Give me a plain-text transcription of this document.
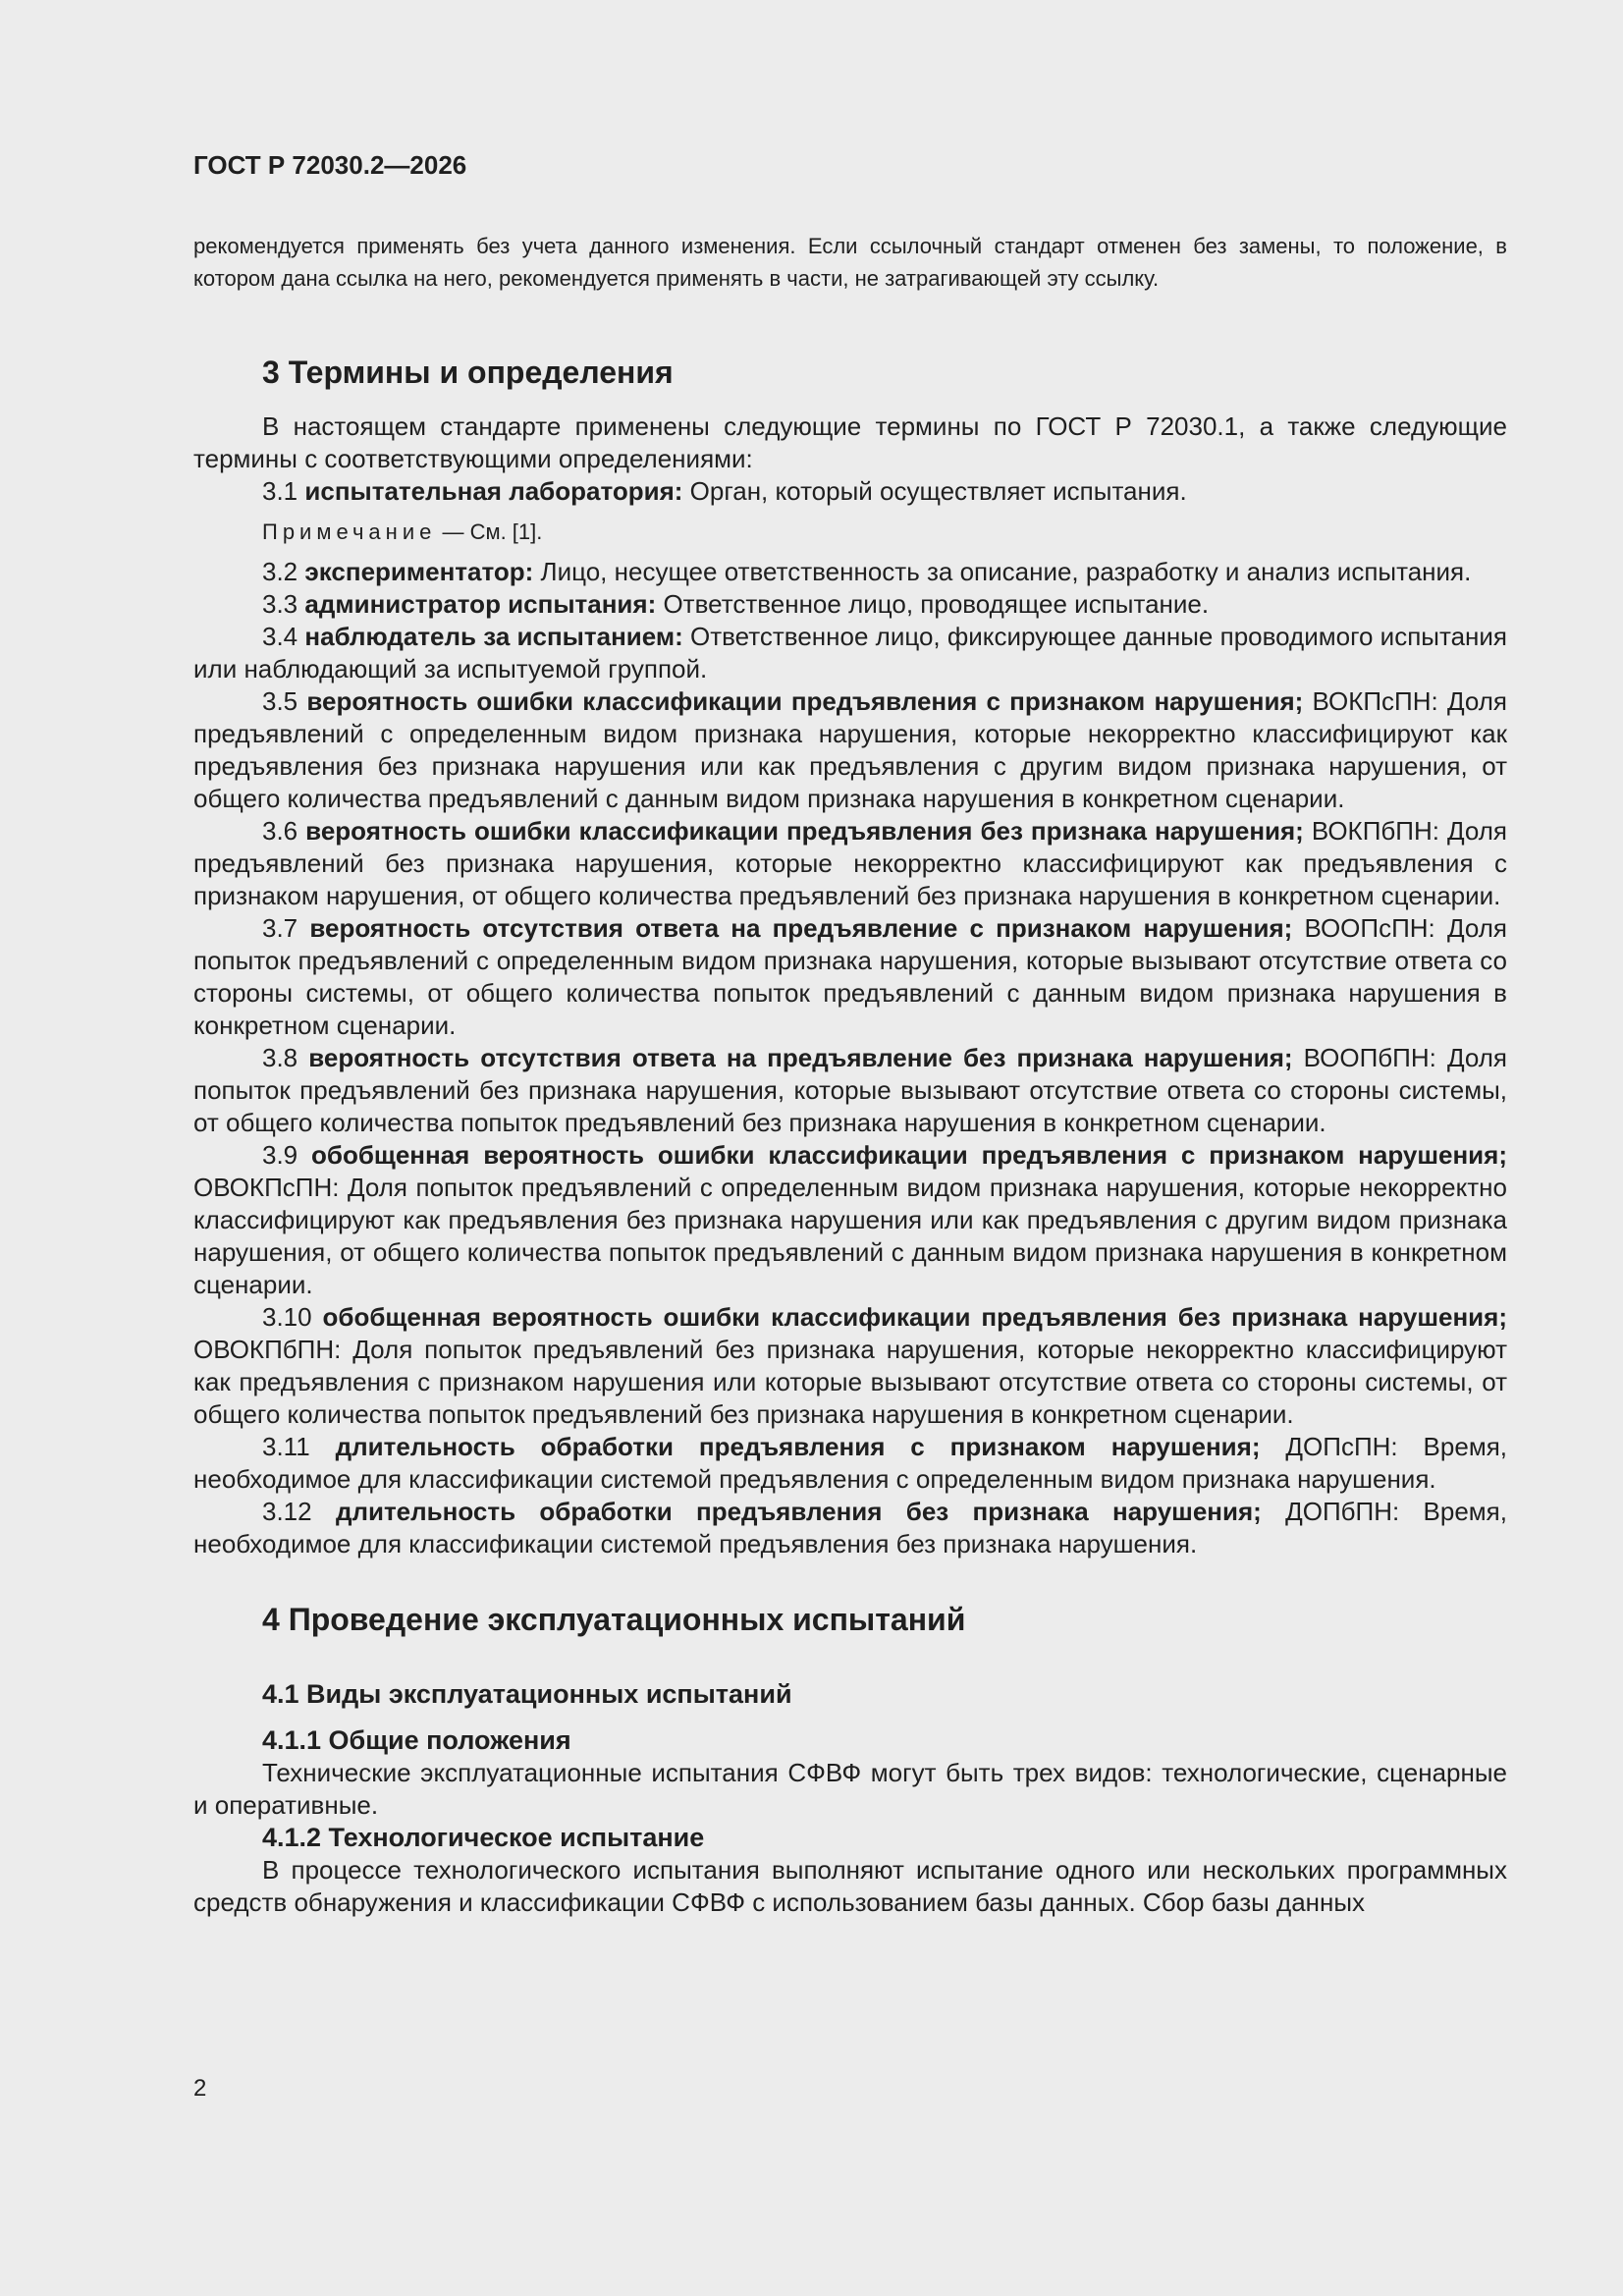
ГОСТ Р 72030.2—2026

рекомендуется применять без учета данного изменения. Если ссылочный стандарт отменен без замены, то положение, в котором дана ссылка на него, рекомендуется применять в части, не затрагивающей эту ссылку.

3 Термины и определения

В настоящем стандарте применены следующие термины по ГОСТ Р 72030.1, а также следующие термины с соответствующими определениями:

3.1 испытательная лаборатория: Орган, который осуществляет испытания.

Примечание — См. [1].

3.2 экспериментатор: Лицо, несущее ответственность за описание, разработку и анализ испытания.

3.3 администратор испытания: Ответственное лицо, проводящее испытание.

3.4 наблюдатель за испытанием: Ответственное лицо, фиксирующее данные проводимого испытания или наблюдающий за испытуемой группой.

3.5 вероятность ошибки классификации предъявления с признаком нарушения; ВОКПсПН: Доля предъявлений с определенным видом признака нарушения, которые некорректно классифицируют как предъявления без признака нарушения или как предъявления с другим видом признака нарушения, от общего количества предъявлений с данным видом признака нарушения в конкретном сценарии.

3.6 вероятность ошибки классификации предъявления без признака нарушения; ВОКПбПН: Доля предъявлений без признака нарушения, которые некорректно классифицируют как предъявления с признаком нарушения, от общего количества предъявлений без признака нарушения в конкретном сценарии.

3.7 вероятность отсутствия ответа на предъявление с признаком нарушения; ВООПсПН: Доля попыток предъявлений с определенным видом признака нарушения, которые вызывают отсутствие ответа со стороны системы, от общего количества попыток предъявлений с данным видом признака нарушения в конкретном сценарии.

3.8 вероятность отсутствия ответа на предъявление без признака нарушения; ВООПбПН: Доля попыток предъявлений без признака нарушения, которые вызывают отсутствие ответа со стороны системы, от общего количества попыток предъявлений без признака нарушения в конкретном сценарии.

3.9 обобщенная вероятность ошибки классификации предъявления с признаком нарушения; ОВОКПсПН: Доля попыток предъявлений с определенным видом признака нарушения, которые некорректно классифицируют как предъявления без признака нарушения или как предъявления с другим видом признака нарушения, от общего количества попыток предъявлений с данным видом признака нарушения в конкретном сценарии.

3.10 обобщенная вероятность ошибки классификации предъявления без признака нарушения; ОВОКПбПН: Доля попыток предъявлений без признака нарушения, которые некорректно классифицируют как предъявления с признаком нарушения или которые вызывают отсутствие ответа со стороны системы, от общего количества попыток предъявлений без признака нарушения в конкретном сценарии.

3.11 длительность обработки предъявления с признаком нарушения; ДОПсПН: Время, необходимое для классификации системой предъявления с определенным видом признака нарушения.

3.12 длительность обработки предъявления без признака нарушения; ДОПбПН: Время, необходимое для классификации системой предъявления без признака нарушения.

4 Проведение эксплуатационных испытаний
4.1 Виды эксплуатационных испытаний
4.1.1 Общие положения

Технические эксплуатационные испытания СФВФ могут быть трех видов: технологические, сценарные и оперативные.

4.1.2 Технологическое испытание

В процессе технологического испытания выполняют испытание одного или нескольких программных средств обнаружения и классификации СФВФ с использованием базы данных. Сбор базы данных

2
